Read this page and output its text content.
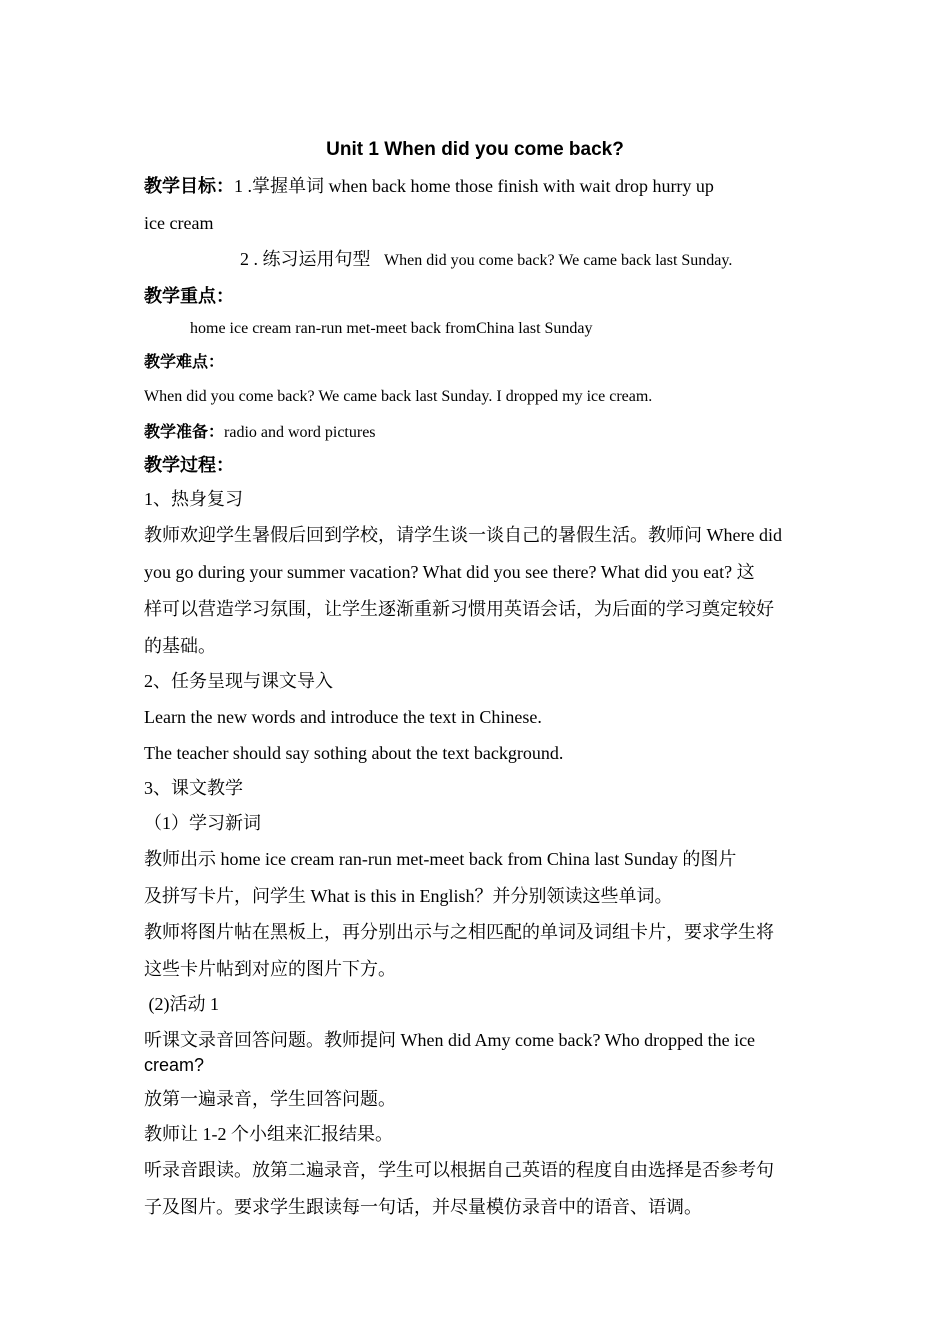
Unit 1 When did you come back?
教学目标：1 .掌握单词 when back home those finish with wait drop hurry up
ice cream
2 . 练习运用句型 When did you come back? We came back last Sunday.
教学重点：
home ice cream ran-run met-meet back fromChina last Sunday
教学难点：
When did you come back? We came back last Sunday. I dropped my ice cream.
教学准备：radio and word pictures
教学过程：
1、热身复习
教师欢迎学生暑假后回到学校，请学生谈一谈自己的暑假生活。教师问 Where did
you go during your summer vacation? What did you see there? What did you eat? 这
样可以营造学习氛围，让学生逐渐重新习惯用英语会话，为后面的学习奠定较好
的基础。
2、任务呈现与课文导入
Learn the new words and introduce the text in Chinese.
The teacher should say sothing about the text background.
3、课文教学
（1）学习新词
教师出示 home ice cream ran-run met-meet back from China last Sunday 的图片
及拼写卡片，问学生 What is this in English？并分别领读这些单词。
教师将图片帖在黑板上，再分别出示与之相匹配的单词及词组卡片，要求学生将
这些卡片帖到对应的图片下方。
(2)活动 1
听课文录音回答问题。教师提问 When did Amy come back? Who dropped the ice
cream?
放第一遍录音，学生回答问题。
教师让 1-2 个小组来汇报结果。
听录音跟读。放第二遍录音，学生可以根据自己英语的程度自由选择是否参考句
子及图片。要求学生跟读每一句话，并尽量模仿录音中的语音、语调。
